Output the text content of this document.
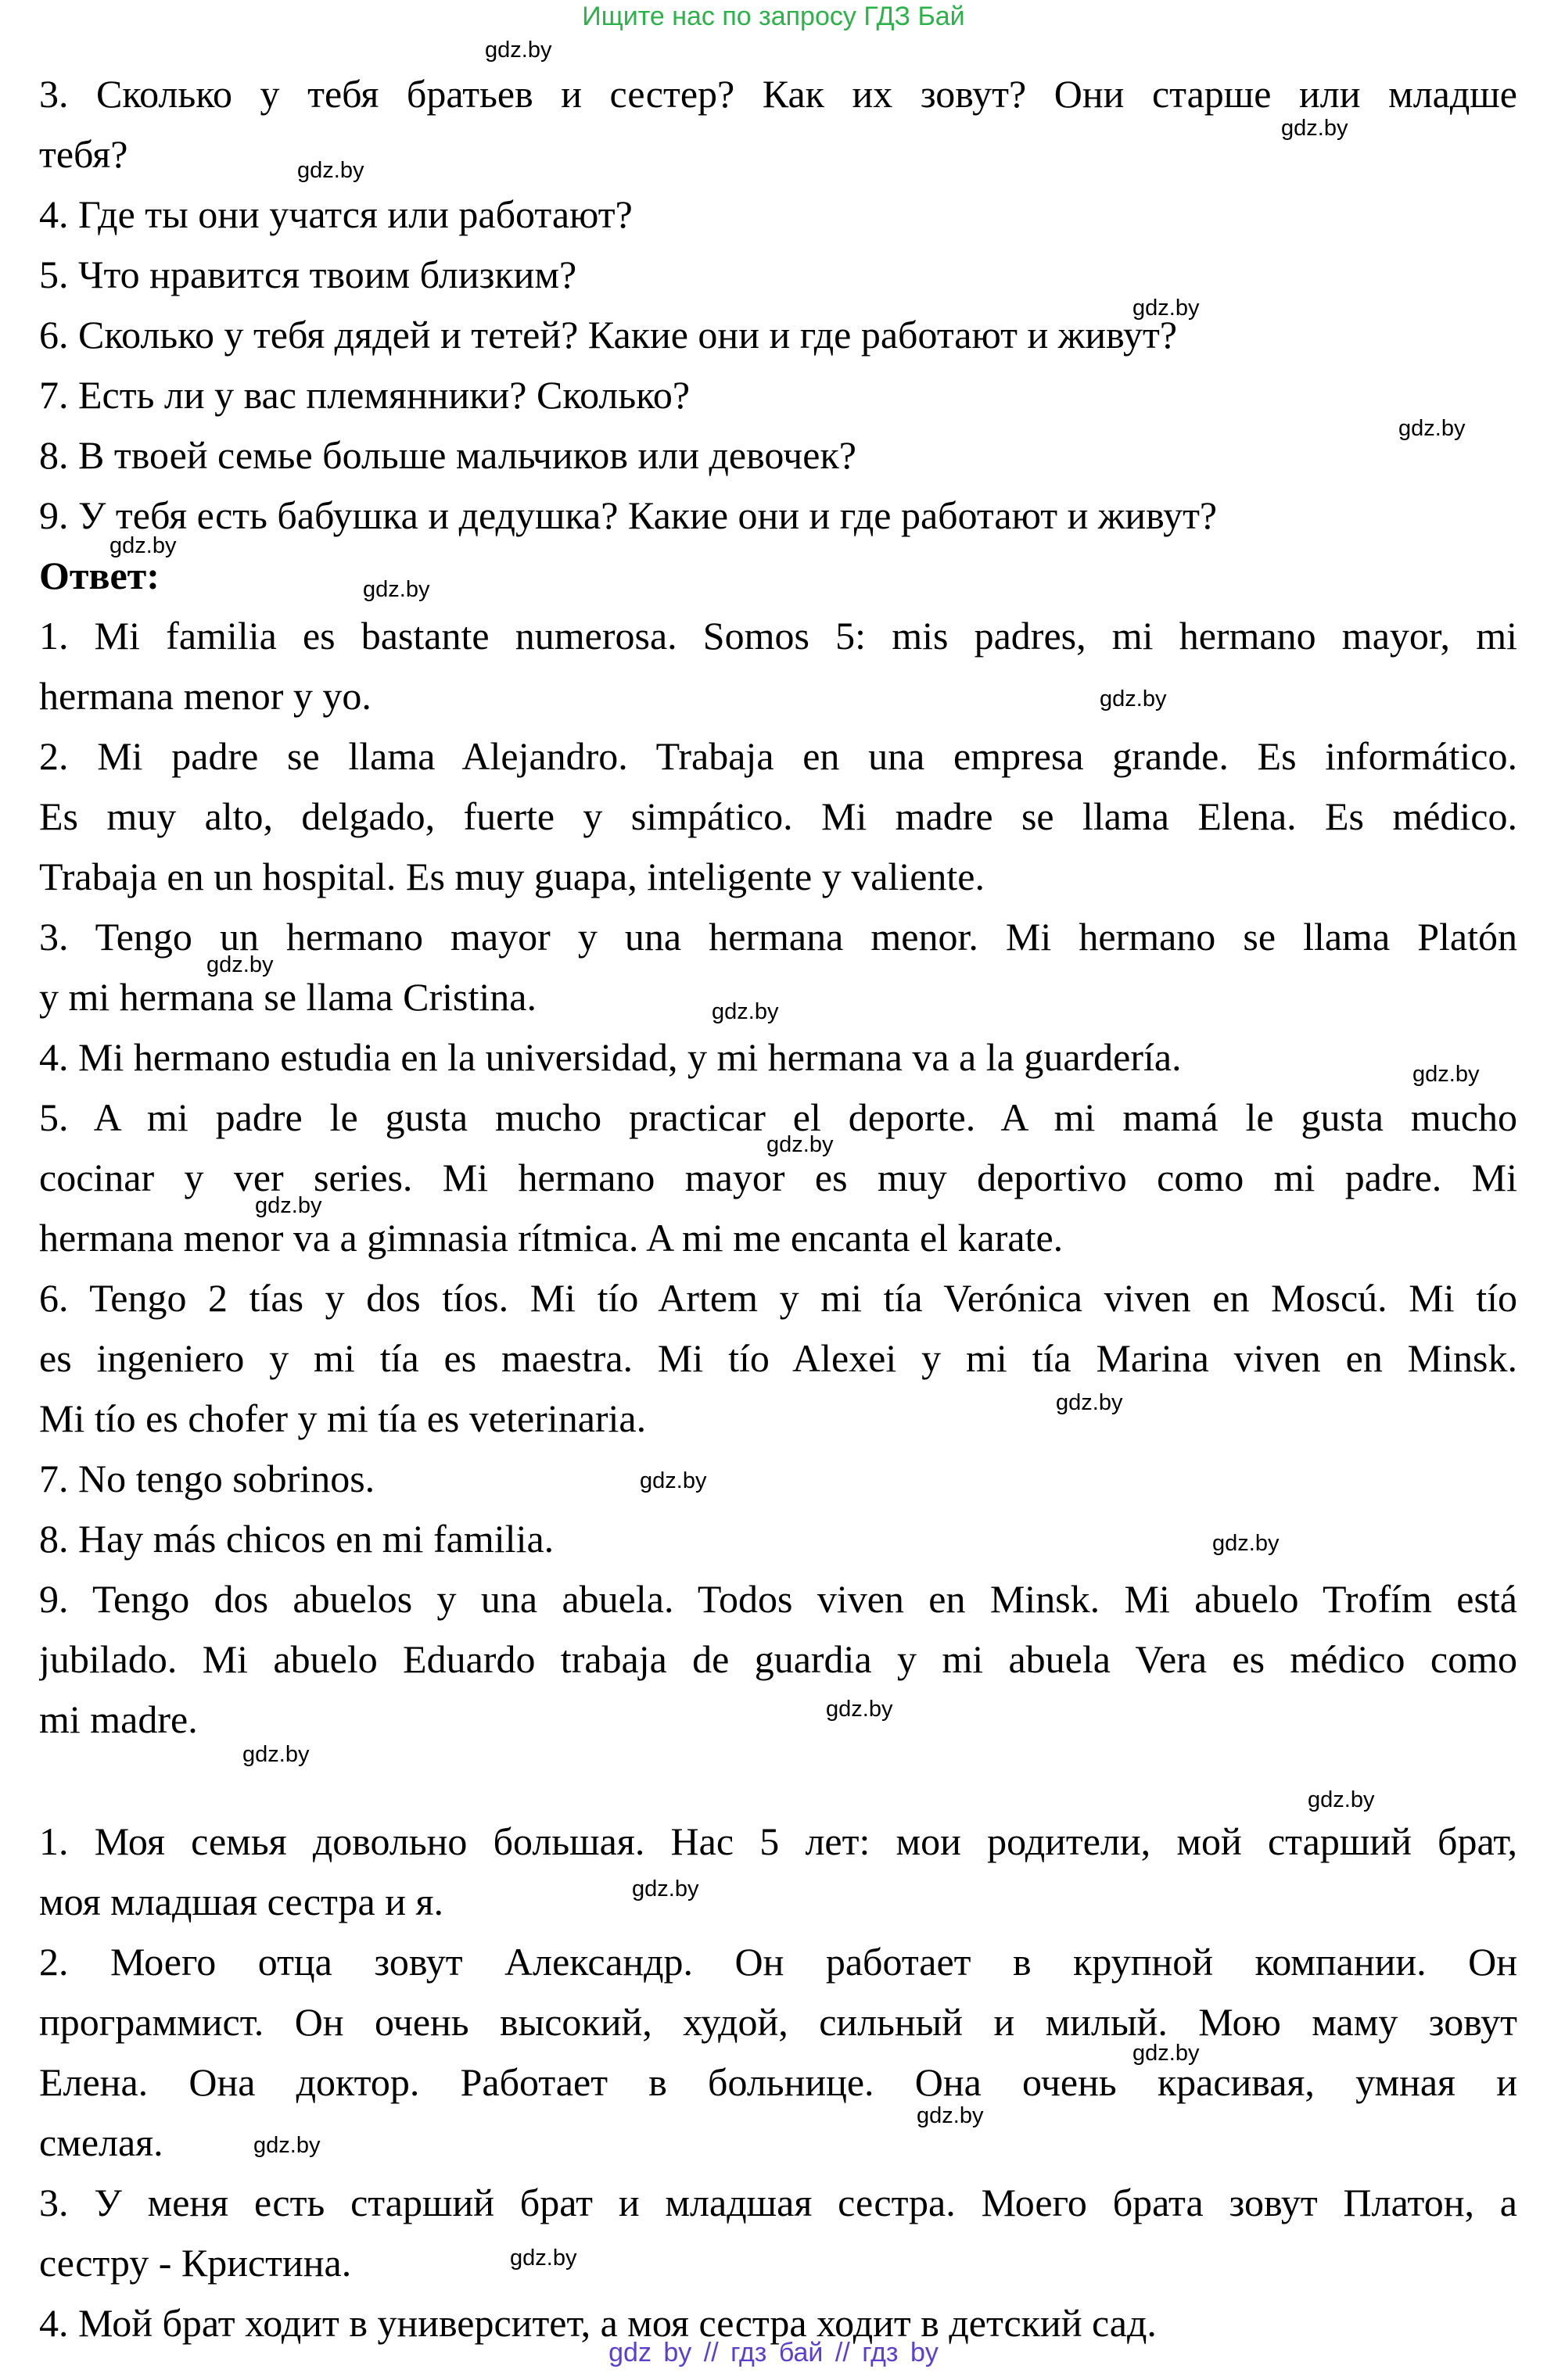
Ищите нас по запросу ГДЗ Бай
3. Сколько у тебя братьев и сестер? Как их зовут? Они старше или младше
тебя?
4. Где ты они учатся или работают?
5. Что нравится твоим близким?
6. Сколько у тебя дядей и тетей? Какие они и где работают и живут?
7. Есть ли у вас племянники? Сколько?
8. В твоей семье больше мальчиков или девочек?
9. У тебя есть бабушка и дедушка? Какие они и где работают и живут?
Ответ:
1. Mi familia es bastante numerosa. Somos 5: mis padres, mi hermano mayor, mi
hermana menor y yo.
2. Mi padre se llama Alejandro. Trabaja en una empresa grande. Es informático.
Es muy alto, delgado, fuerte y simpático. Mi madre se llama Elena. Es médico.
Trabaja en un hospital. Es muy guapa, inteligente y valiente.
3. Tengo un hermano mayor y una hermana menor. Mi hermano se llama Platón
y mi hermana se llama Cristina.
4. Mi hermano estudia en la universidad, y mi hermana va a la guardería.
5. A mi padre le gusta mucho practicar el deporte. A mi mamá le gusta mucho
cocinar y ver series. Mi hermano mayor es muy deportivo como mi padre. Mi
hermana menor va a gimnasia rítmica. A mi me encanta el karate.
6. Tengo 2 tías y dos tíos. Mi tío Artem y mi tía Verónica viven en Moscú. Mi tío
es ingeniero y mi tía es maestra. Mi tío Alexei y mi tía Marina viven en Minsk.
Mi tío es chofer y mi tía es veterinaria.
7. No tengo sobrinos.
8. Hay más chicos en mi familia.
9. Tengo dos abuelos y una abuela. Todos viven en Minsk. Mi abuelo Trofím está
jubilado. Mi abuelo Eduardo trabaja de guardia y mi abuela Vera es médico como
mi madre.
1. Моя семья довольно большая. Нас 5 лет: мои родители, мой старший брат,
моя младшая сестра и я.
2. Моего отца зовут Александр. Он работает в крупной компании. Он
программист. Он очень высокий, худой, сильный и милый. Мою маму зовут
Елена. Она доктор. Работает в больнице. Она очень красивая, умная и
смелая.
3. У меня есть старший брат и младшая сестра. Моего брата зовут Платон, а
сестру - Кристина.
4. Мой брат ходит в университет, а моя сестра ходит в детский сад.
gdz.by
gdz.by
gdz.by
gdz.by
gdz.by
gdz.by
gdz.by
gdz.by
gdz.by
gdz.by
gdz.by
gdz.by
gdz.by
gdz.by
gdz.by
gdz.by
gdz.by
gdz.by
gdz.by
gdz.by
gdz.by
gdz.by
gdz.by
gdz.by
gdz by // гдз бай // гдз by
